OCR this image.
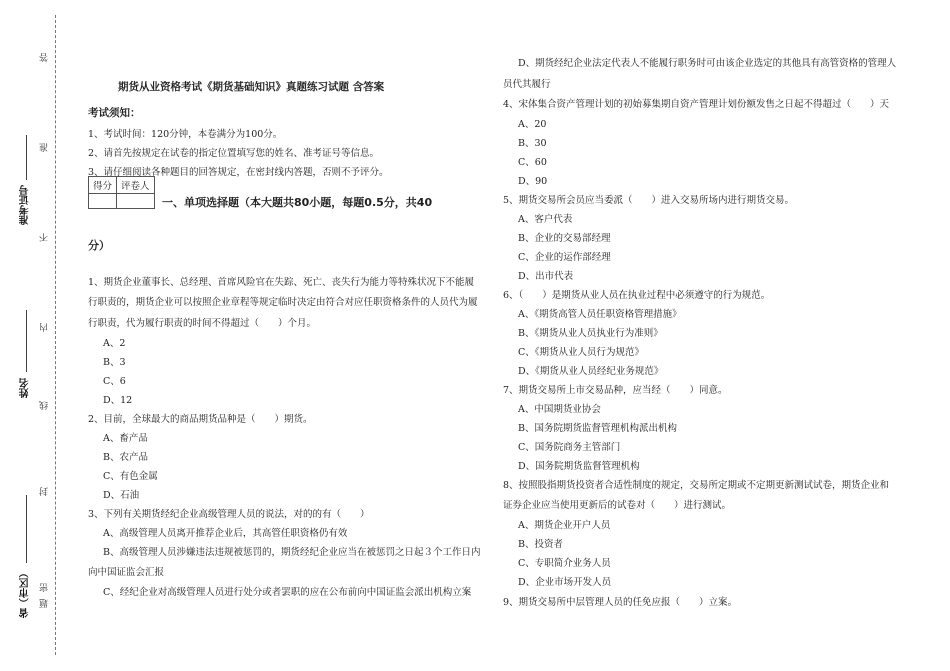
答
准
不
内
线
封
密
题
准考证号
姓名
省（市区）
期货从业资格考试《期货基础知识》真题练习试题 含答案
考试须知：
1、考试时间：120分钟，本卷满分为100分。
2、请首先按规定在试卷的指定位置填写您的姓名、准考证号等信息。
3、请仔细阅读各种题目的回答规定，在密封线内答题，否则不予评分。
得分	评卷人

一、单项选择题（本大题共80小题，每题0.5分，共40
分）
1、期货企业董事长、总经理、首席风险官在失踪、死亡、丧失行为能力等特殊状况下不能履
行职责的，期货企业可以按照企业章程等规定临时决定由符合对应任职资格条件的人员代为履
行职责，代为履行职责的时间不得超过（　　）个月。
A、2
B、3
C、6
D、12
2、目前，全球最大的商品期货品种是（　　）期货。
A、畜产品
B、农产品
C、有色金属
D、石油
3、下列有关期货经纪企业高级管理人员的说法，对的的有（　　）
A、高级管理人员离开推荐企业后，其高管任职资格仍有效
B、高级管理人员涉嫌违法违规被惩罚的，期货经纪企业应当在被惩罚之日起３个工作日内
向中国证监会汇报
C、经纪企业对高级管理人员进行处分或者罢职的应在公布前向中国证监会派出机构立案
D、期货经纪企业法定代表人不能履行职务时可由该企业选定的其他具有高管资格的管理人
员代其履行
4、宋体集合资产管理计划的初始募集期自资产管理计划份额发售之日起不得超过（　　）天
A、20
B、30
C、60
D、90
5、期货交易所会员应当委派（　　）进入交易所场内进行期货交易。
A、客户代表
B、企业的交易部经理
C、企业的运作部经理
D、出市代表
6、（　　）是期货从业人员在执业过程中必须遵守的行为规范。
A、《期货高管人员任职资格管理措施》
B、《期货从业人员执业行为准则》
C、《期货从业人员行为规范》
D、《期货从业人员经纪业务规范》
7、期货交易所上市交易品种，应当经（　　）同意。
A、中国期货业协会
B、国务院期货监督管理机构派出机构
C、国务院商务主管部门
D、国务院期货监督管理机构
8、按照股指期货投资者合适性制度的规定，交易所定期或不定期更新测试试卷，期货企业和
证券企业应当使用更新后的试卷对（　　）进行测试。
A、期货企业开户人员
B、投资者
C、专职简介业务人员
D、企业市场开发人员
9、期货交易所中层管理人员的任免应报（　　）立案。
